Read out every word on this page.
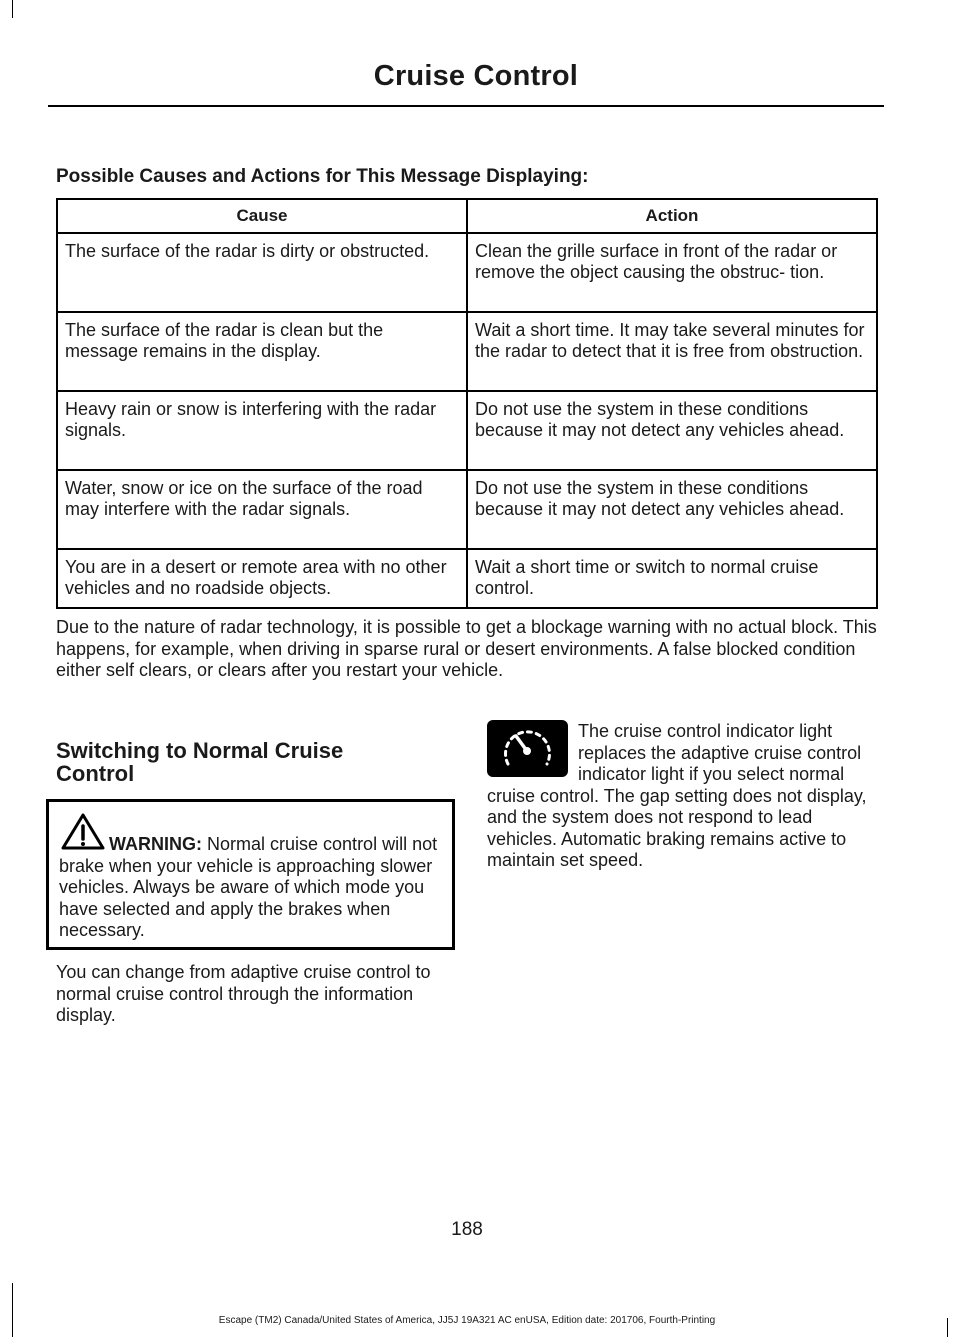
Cruise Control
Possible Causes and Actions for This Message Displaying:
Cause	Action
The surface of the radar is dirty or obstructed.	Clean the grille surface in front of the radar or remove the object causing the obstruc- tion.
The surface of the radar is clean but the message remains in the display.	Wait a short time. It may take several minutes for the radar to detect that it is free from obstruction.
Heavy rain or snow is interfering with the radar signals.	Do not use the system in these conditions because it may not detect any vehicles ahead.
Water, snow or ice on the surface of the road may interfere with the radar signals.	Do not use the system in these conditions because it may not detect any vehicles ahead.
You are in a desert or remote area with no other vehicles and no roadside objects.	Wait a short time or switch to normal cruise control.

Due to the nature of radar technology, it is possible to get a blockage warning with no actual block. This happens, for example, when driving in sparse rural or desert environments. A false blocked condition either self clears, or clears after you restart your vehicle.

Switching to Normal Cruise Control

WARNING: Normal cruise control will not brake when your vehicle is approaching slower vehicles. Always be aware of which mode you have selected and apply the brakes when necessary.

You can change from adaptive cruise control to normal cruise control through the information display.

The cruise control indicator light replaces the adaptive cruise control indicator light if you select normal cruise control. The gap setting does not display, and the system does not respond to lead vehicles. Automatic braking remains active to maintain set speed.
188
Escape (TM2) Canada/United States of America, JJ5J 19A321 AC enUSA, Edition date: 201706, Fourth-Printing
